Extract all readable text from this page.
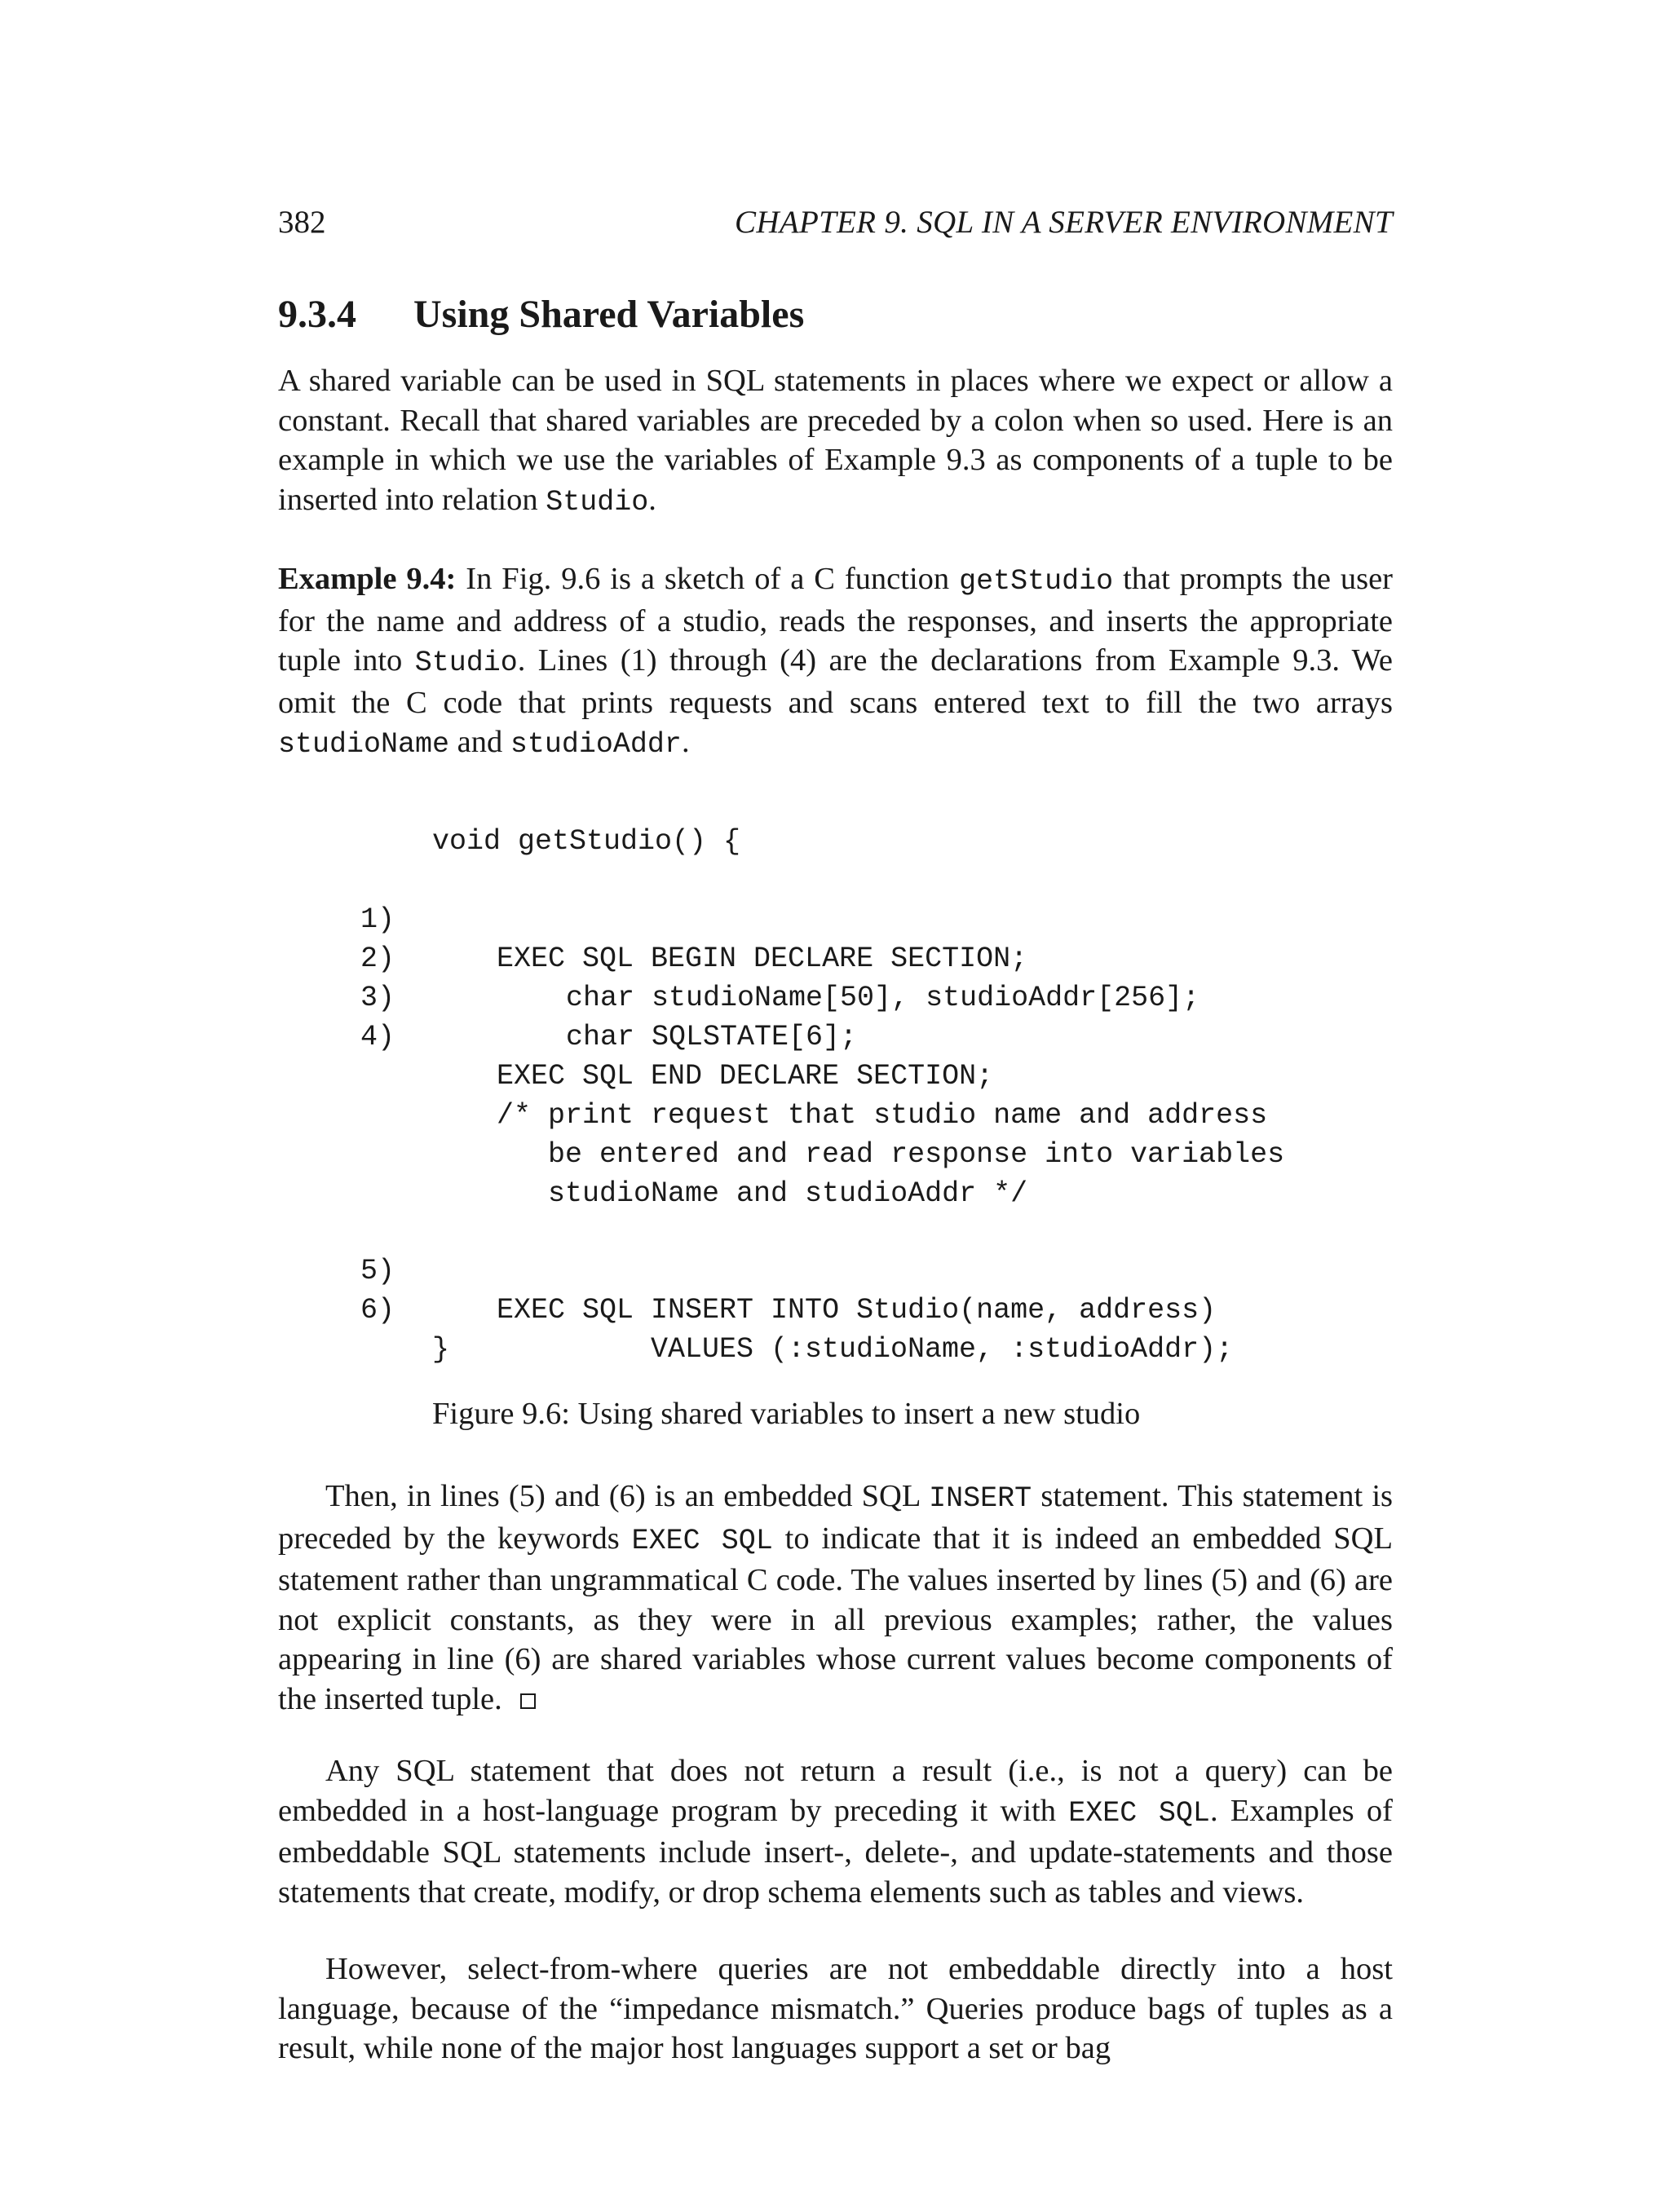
382	CHAPTER 9. SQL IN A SERVER ENVIRONMENT
9.3.4 Using Shared Variables

A shared variable can be used in SQL statements in places where we expect or allow a constant. Recall that shared variables are preceded by a colon when so used. Here is an example in which we use the variables of Example 9.3 as components of a tuple to be inserted into relation Studio.

Example 9.4: In Fig. 9.6 is a sketch of a C function getStudio that prompts the user for the name and address of a studio, reads the responses, and inserts the appropriate tuple into Studio. Lines (1) through (4) are the declarations from Example 9.3. We omit the C code that prints requests and scans entered text to fill the two arrays studioName and studioAddr.

void getStudio() {

1)

EXEC SQL BEGIN DECLARE SECTION;

2)

char studioName[50], studioAddr[256];

3)

char SQLSTATE[6];

4)

EXEC SQL END DECLARE SECTION;

/* print request that studio name and address

be entered and read response into variables

studioName and studioAddr */

5)

EXEC SQL INSERT INTO Studio(name, address)

6)

VALUES (:studioName, :studioAddr);

}

Figure 9.6: Using shared variables to insert a new studio

Then, in lines (5) and (6) is an embedded SQL INSERT statement. This statement is preceded by the keywords EXEC SQL to indicate that it is indeed an embedded SQL statement rather than ungrammatical C code. The values inserted by lines (5) and (6) are not explicit constants, as they were in all previous examples; rather, the values appearing in line (6) are shared variables whose current values become components of the inserted tuple.

Any SQL statement that does not return a result (i.e., is not a query) can be embedded in a host-language program by preceding it with EXEC SQL. Examples of embeddable SQL statements include insert-, delete-, and update-statements and those statements that create, modify, or drop schema elements such as tables and views.

However, select-from-where queries are not embeddable directly into a host language, because of the “impedance mismatch.” Queries produce bags of tuples as a result, while none of the major host languages support a set or bag
